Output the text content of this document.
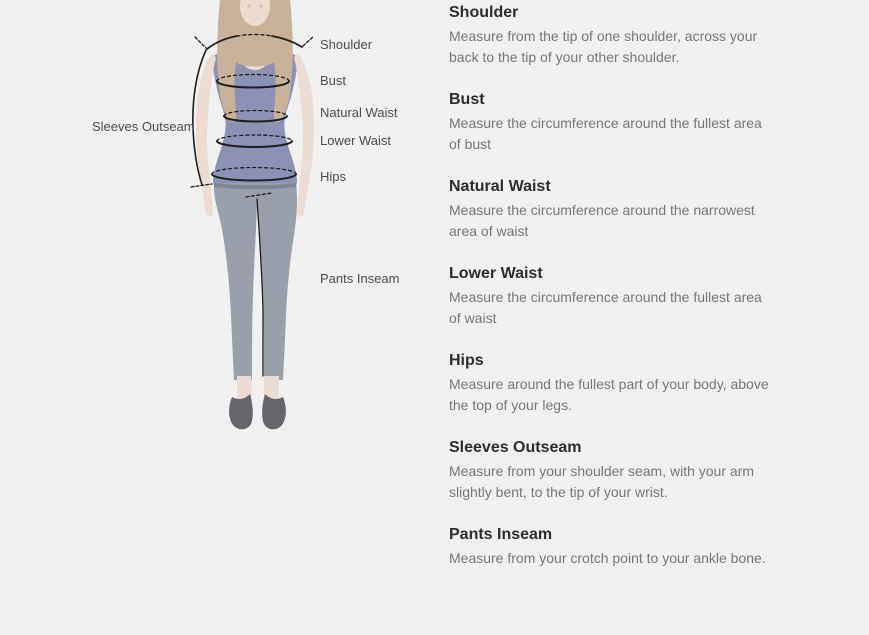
Shoulder
Bust
Natural Waist
Lower Waist
Hips
Pants Inseam
Sleeves Outseam
Shoulder

Measure from the tip of one shoulder, across your back to the tip of your other shoulder.

Bust

Measure the circumference around the fullest area of bust

Natural Waist

Measure the circumference around the narrowest area of waist

Lower Waist

Measure the circumference around the fullest area of waist

Hips

Measure around the fullest part of your body, above the top of your legs.

Sleeves Outseam

Measure from your shoulder seam, with your arm slightly bent, to the tip of your wrist.

Pants Inseam

Measure from your crotch point to your ankle bone.
